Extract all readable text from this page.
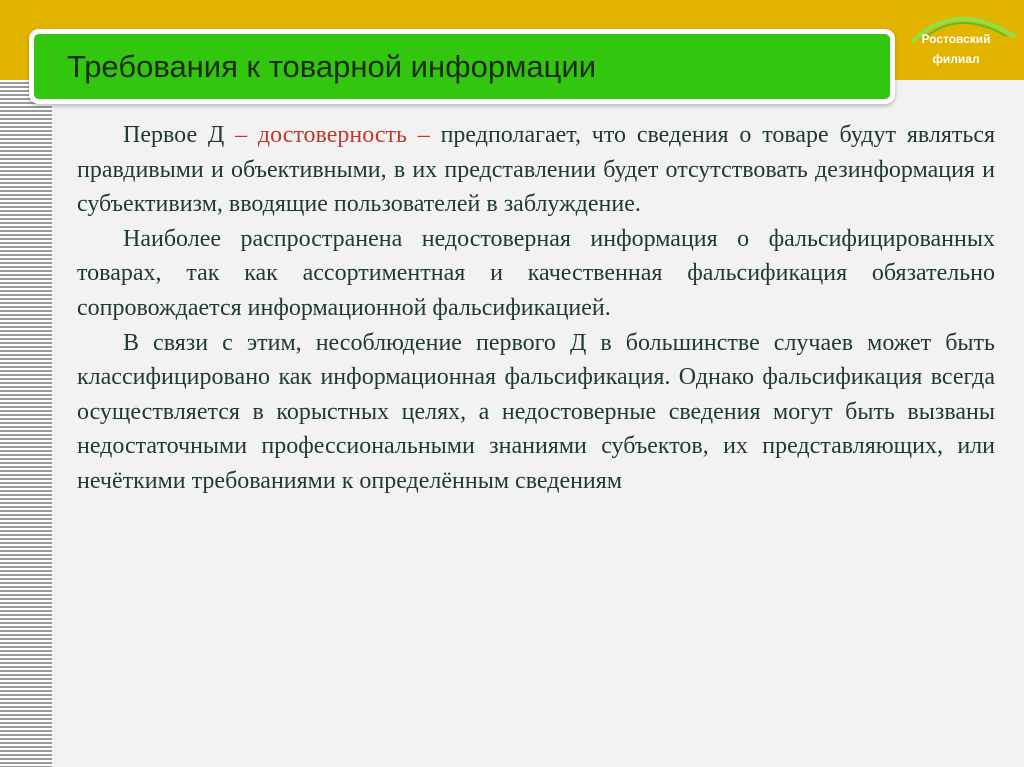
Ростовский
филиал
Требования к товарной информации

Первое Д – достоверность – предполагает, что сведения о товаре будут являться правдивыми и объективными, в их представлении будет отсутствовать дезинформация и субъективизм, вводящие пользователей в заблуждение.

Наиболее распространена недостоверная информация о фальсифицированных товарах, так как ассортиментная и качественная фальсификация обязательно сопровождается информационной фальсификацией.

В связи с этим, несоблюдение первого Д в большинстве случаев может быть классифицировано как информационная фальсификация. Однако фальсификация всегда осуществляется в корыстных целях, а недостоверные сведения могут быть вызваны недостаточными профессиональными знаниями субъектов, их представляющих, или нечёткими требованиями к определённым сведениям
